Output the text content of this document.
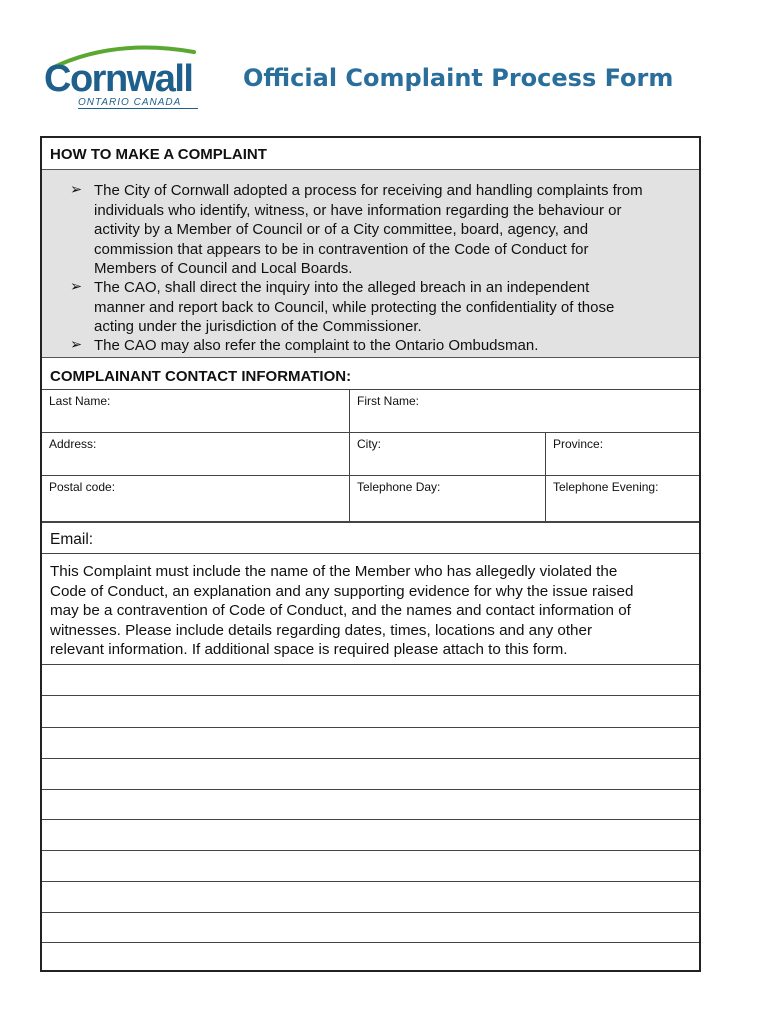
Cornwall
ONTARIO CANADA
Official Complaint Process Form
HOW TO MAKE A COMPLAINT
➢ The City of Cornwall adopted a process for receiving and handling complaints from
individuals who identify, witness, or have information regarding the behaviour or
activity by a Member of Council or of a City committee, board, agency, and
commission that appears to be in contravention of the Code of Conduct for
Members of Council and Local Boards.
➢ The CAO, shall direct the inquiry into the alleged breach in an independent
manner and report back to Council, while protecting the confidentiality of those
acting under the jurisdiction of the Commissioner.
➢ The CAO may also refer the complaint to the Ontario Ombudsman.
COMPLAINANT CONTACT INFORMATION:
Last Name:	First Name:
Address:	City:	Province:
Postal code:	Telephone Day:	Telephone Evening:
Email:
This Complaint must include the name of the Member who has allegedly violated the
Code of Conduct, an explanation and any supporting evidence for why the issue raised
may be a contravention of Code of Conduct, and the names and contact information of
witnesses. Please include details regarding dates, times, locations and any other
relevant information. If additional space is required please attach to this form.
